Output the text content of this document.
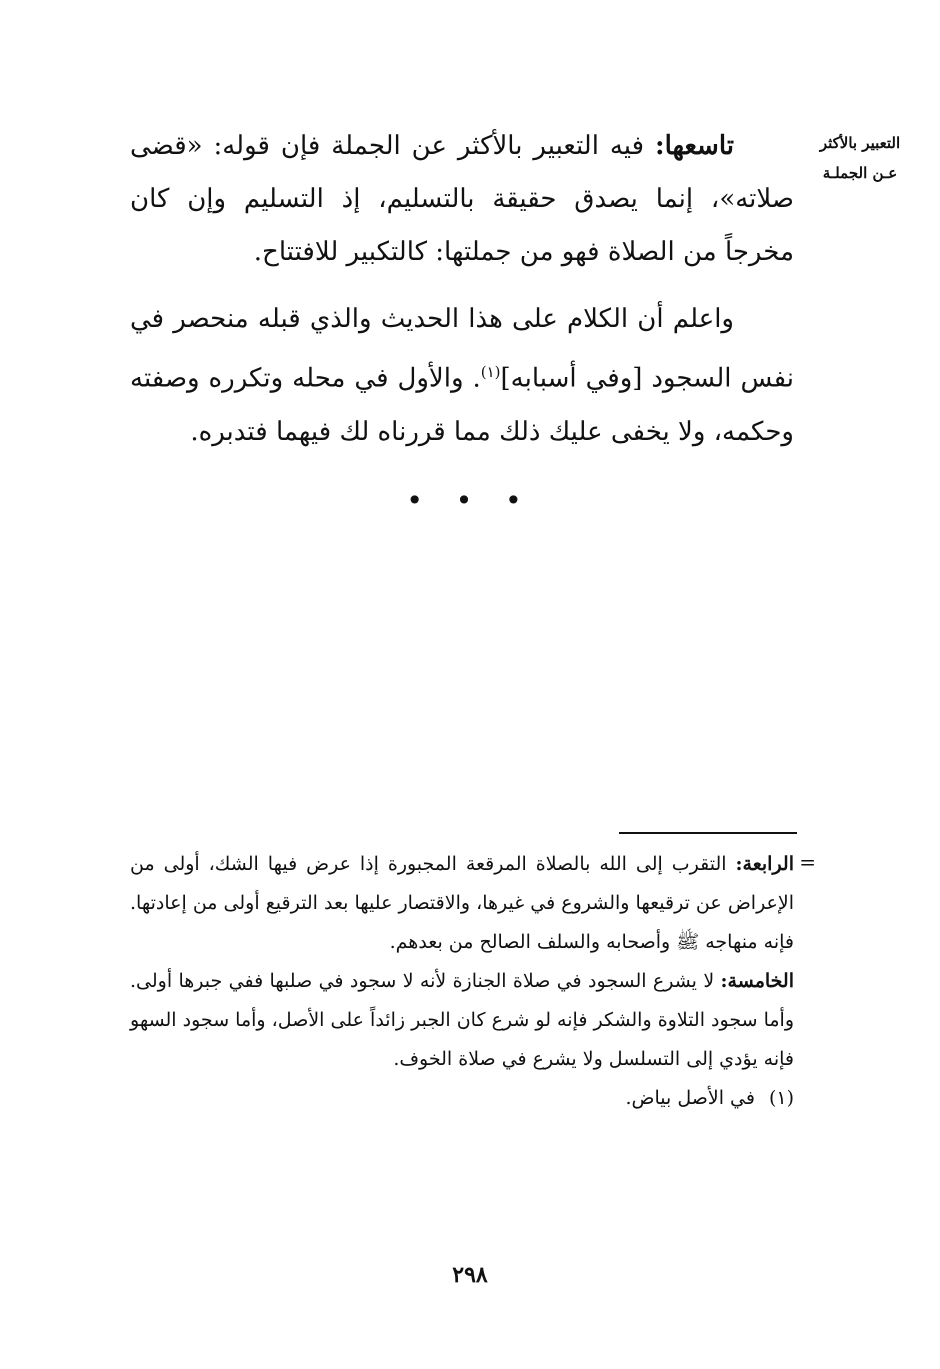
التعبير بالأكثر
عـن الجملـة

تاسعها: فيه التعبير بالأكثر عن الجملة فإن قوله: «قضى صلاته»، إنما يصدق حقيقة بالتسليم، إذ التسليم وإن كان مخرجاً من الصلاة فهو من جملتها: كالتكبير للافتتاح.

واعلم أن الكلام على هذا الحديث والذي قبله منحصر في نفس السجود [وفي أسبابه]$^{(١)}$. والأول في محله وتكرره وصفته وحكمه، ولا يخفى عليك ذلك مما قررناه لك فيهما فتدبره.

• • •
=

الرابعة: التقرب إلى الله بالصلاة المرقعة المجبورة إذا عرض فيها الشك، أولى من الإعراض عن ترقيعها والشروع في غيرها، والاقتصار عليها بعد الترقيع أولى من إعادتها. فإنه منهاجه ﷺ وأصحابه والسلف الصالح من بعدهم.

الخامسة: لا يشرع السجود في صلاة الجنازة لأنه لا سجود في صلبها ففي جبرها أولى. وأما سجود التلاوة والشكر فإنه لو شرع كان الجبر زائداً على الأصل، وأما سجود السهو فإنه يؤدي إلى التسلسل ولا يشرع في صلاة الخوف.

(١)في الأصل بياض.

٢٩٨
